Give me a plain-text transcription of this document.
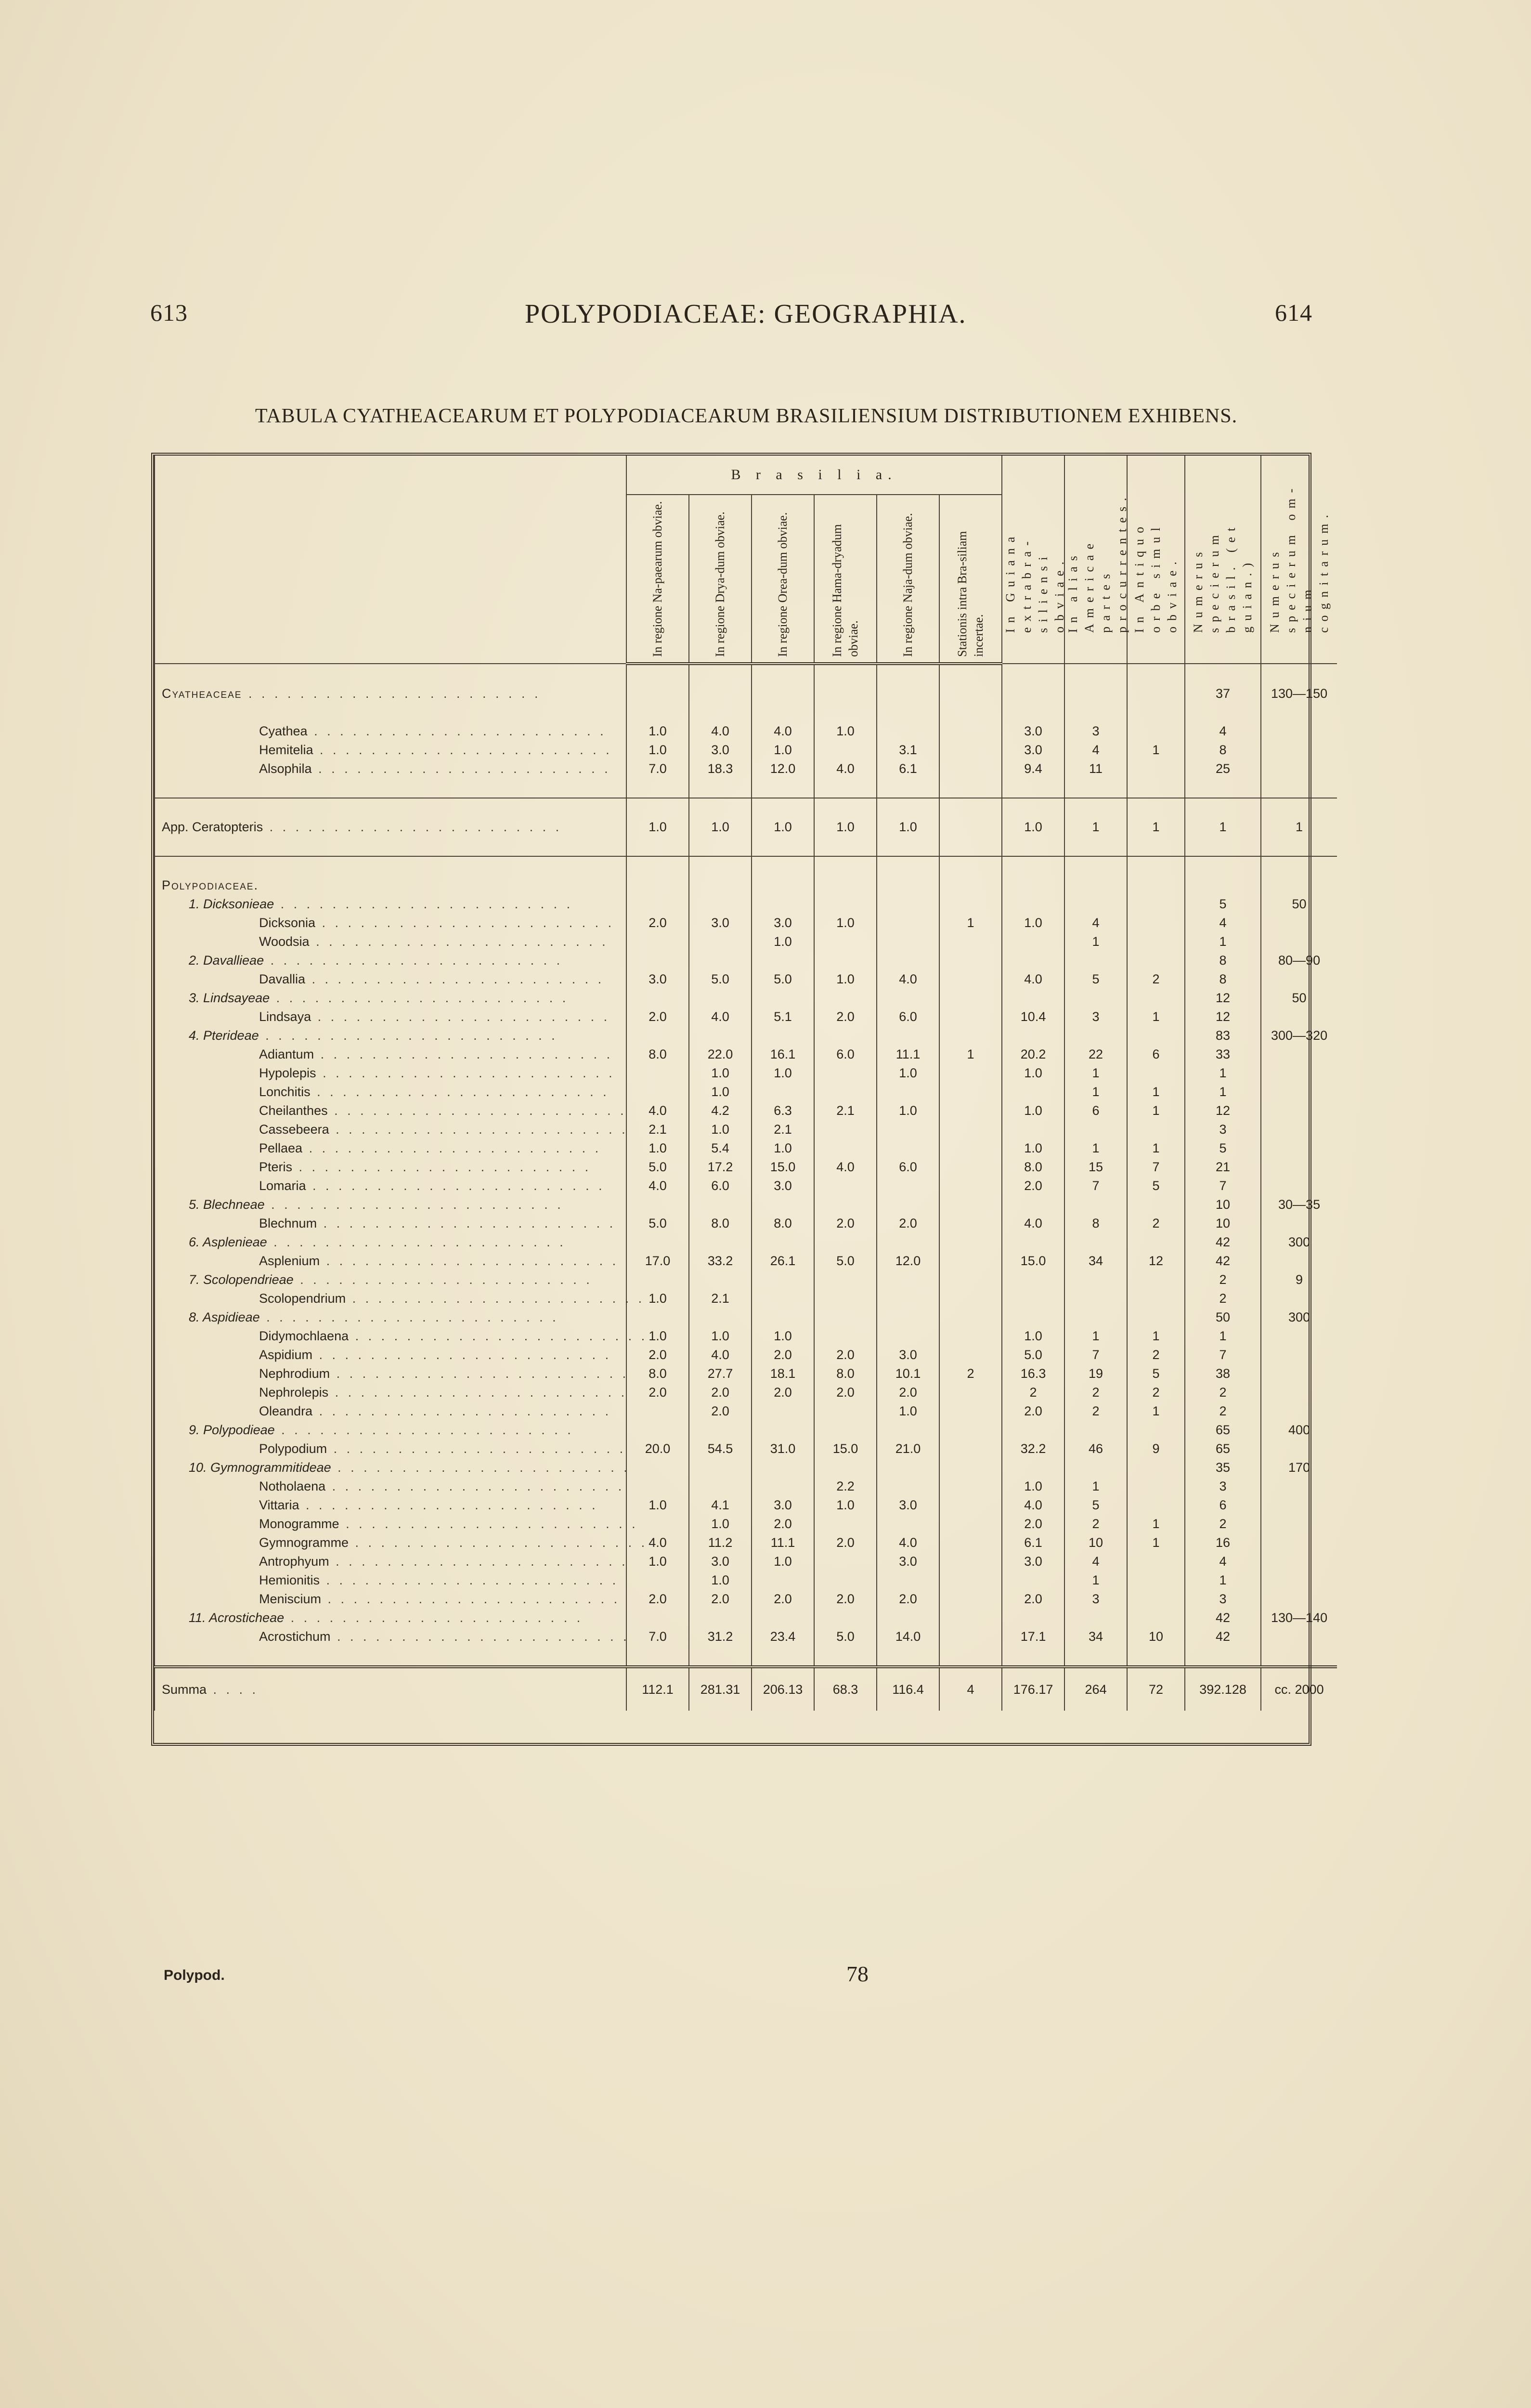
613	POLYPODIACEAE: GEOGRAPHIA.	614
TABULA CYATHEACEARUM ET POLYPODIACEARUM BRASILIENSIUM DISTRIBUTIONEM EXHIBENS.
	B r a s i l i a.						In Guiana extrabra-siliensi obviae.	In alias Americae partes procurrentes.	In Antiquo orbe simul obviae.	Numerus specierum brasil. (et guian.)	Numerus specierum om-nium cognitarum.
	In regione Na-paearum obviae.	In regione Drya-dum obviae.	In regione Orea-dum obviae.	In regione Hama-dryadum obviae.	In regione Naja-dum obviae.	Stationis intra Bra-siliam incertae.					

Cyatheaceae . . . . . . . . . . . . . . . . . . . . . . .										37	130—150

Cyathea . . . . . . . . . . . . . . . . . . . . . . .	1.0	4.0	4.0	1.0			3.0	3		4	
Hemitelia . . . . . . . . . . . . . . . . . . . . . . .	1.0	3.0	1.0		3.1		3.0	4	1	8	
Alsophila . . . . . . . . . . . . . . . . . . . . . . .	7.0	18.3	12.0	4.0	6.1		9.4	11		25	

App. Ceratopteris . . . . . . . . . . . . . . . . . . . . . . .	1.0	1.0	1.0	1.0	1.0		1.0	1	1	1	1

Polypodiaceae.											
1. Dicksonieae . . . . . . . . . . . . . . . . . . . . . . .										5	50
Dicksonia . . . . . . . . . . . . . . . . . . . . . . .	2.0	3.0	3.0	1.0		1	1.0	4		4	
Woodsia . . . . . . . . . . . . . . . . . . . . . . .			1.0					1		1	
2. Davallieae . . . . . . . . . . . . . . . . . . . . . . .										8	80—90
Davallia . . . . . . . . . . . . . . . . . . . . . . .	3.0	5.0	5.0	1.0	4.0		4.0	5	2	8	
3. Lindsayeae . . . . . . . . . . . . . . . . . . . . . . .										12	50
Lindsaya . . . . . . . . . . . . . . . . . . . . . . .	2.0	4.0	5.1	2.0	6.0		10.4	3	1	12	
4. Pterideae . . . . . . . . . . . . . . . . . . . . . . .										83	300—320
Adiantum . . . . . . . . . . . . . . . . . . . . . . .	8.0	22.0	16.1	6.0	11.1	1	20.2	22	6	33	
Hypolepis . . . . . . . . . . . . . . . . . . . . . . .		1.0	1.0		1.0		1.0	1		1	
Lonchitis . . . . . . . . . . . . . . . . . . . . . . .		1.0						1	1	1	
Cheilanthes . . . . . . . . . . . . . . . . . . . . . . .	4.0	4.2	6.3	2.1	1.0		1.0	6	1	12	
Cassebeera . . . . . . . . . . . . . . . . . . . . . . .	2.1	1.0	2.1							3	
Pellaea . . . . . . . . . . . . . . . . . . . . . . .	1.0	5.4	1.0				1.0	1	1	5	
Pteris . . . . . . . . . . . . . . . . . . . . . . .	5.0	17.2	15.0	4.0	6.0		8.0	15	7	21	
Lomaria . . . . . . . . . . . . . . . . . . . . . . .	4.0	6.0	3.0				2.0	7	5	7	
5. Blechneae . . . . . . . . . . . . . . . . . . . . . . .										10	30—35
Blechnum . . . . . . . . . . . . . . . . . . . . . . .	5.0	8.0	8.0	2.0	2.0		4.0	8	2	10	
6. Asplenieae . . . . . . . . . . . . . . . . . . . . . . .										42	300
Asplenium . . . . . . . . . . . . . . . . . . . . . . .	17.0	33.2	26.1	5.0	12.0		15.0	34	12	42	
7. Scolopendrieae . . . . . . . . . . . . . . . . . . . . . . .										2	9
Scolopendrium . . . . . . . . . . . . . . . . . . . . . . .	1.0	2.1								2	
8. Aspidieae . . . . . . . . . . . . . . . . . . . . . . .										50	300
Didymochlaena . . . . . . . . . . . . . . . . . . . . . . .	1.0	1.0	1.0				1.0	1	1	1	
Aspidium . . . . . . . . . . . . . . . . . . . . . . .	2.0	4.0	2.0	2.0	3.0		5.0	7	2	7	
Nephrodium . . . . . . . . . . . . . . . . . . . . . . .	8.0	27.7	18.1	8.0	10.1	2	16.3	19	5	38	
Nephrolepis . . . . . . . . . . . . . . . . . . . . . . .	2.0	2.0	2.0	2.0	2.0		2	2	2	2	
Oleandra . . . . . . . . . . . . . . . . . . . . . . .		2.0			1.0		2.0	2	1	2	
9. Polypodieae . . . . . . . . . . . . . . . . . . . . . . .										65	400
Polypodium . . . . . . . . . . . . . . . . . . . . . . .	20.0	54.5	31.0	15.0	21.0		32.2	46	9	65	
10. Gymnogrammitideae . . . . . . . . . . . . . . . . . . . . . . .										35	170
Notholaena . . . . . . . . . . . . . . . . . . . . . . .				2.2			1.0	1		3	
Vittaria . . . . . . . . . . . . . . . . . . . . . . .	1.0	4.1	3.0	1.0	3.0		4.0	5		6	
Monogramme . . . . . . . . . . . . . . . . . . . . . . .		1.0	2.0				2.0	2	1	2	
Gymnogramme . . . . . . . . . . . . . . . . . . . . . . .	4.0	11.2	11.1	2.0	4.0		6.1	10	1	16	
Antrophyum . . . . . . . . . . . . . . . . . . . . . . .	1.0	3.0	1.0		3.0		3.0	4		4	
Hemionitis . . . . . . . . . . . . . . . . . . . . . . .		1.0						1		1	
Meniscium . . . . . . . . . . . . . . . . . . . . . . .	2.0	2.0	2.0	2.0	2.0		2.0	3		3	
11. Acrosticheae . . . . . . . . . . . . . . . . . . . . . . .										42	130—140
Acrostichum . . . . . . . . . . . . . . . . . . . . . . .	7.0	31.2	23.4	5.0	14.0		17.1	34	10	42	

Summa . . . .	112.1	281.31	206.13	68.3	116.4	4	176.17	264	72	392.128	cc. 2000
Polypod.	78
